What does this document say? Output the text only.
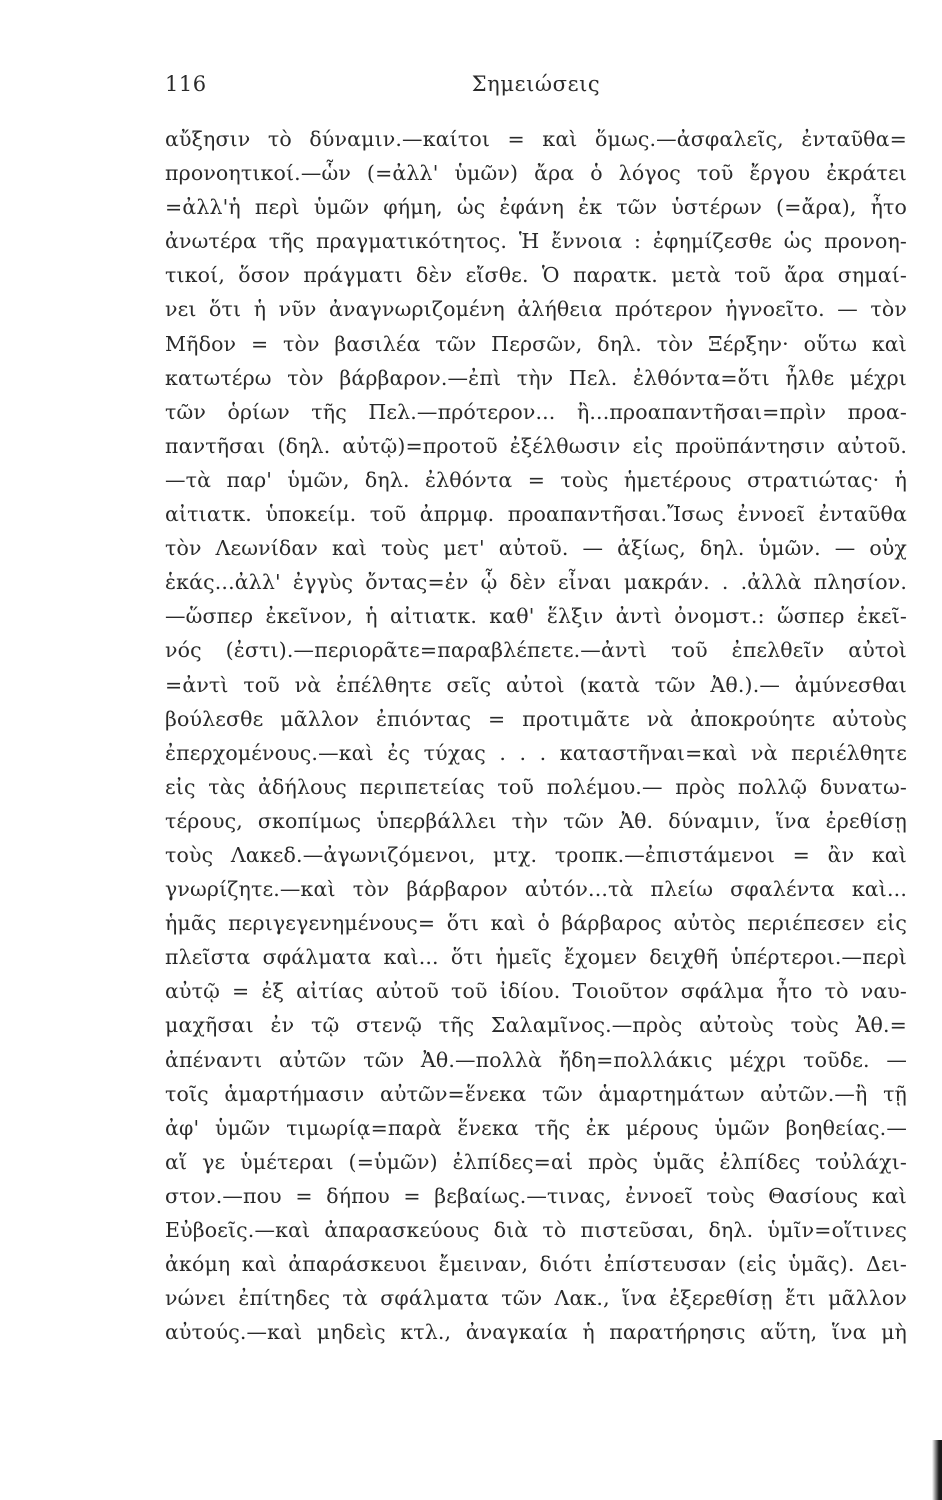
116	Σημειώσεις
αὔξησιν τὸ δύναμιν.—καίτοι = καὶ ὅμως.—ἀσφαλεῖς, ἐνταῦθα=
προνοητικοί.—ὧν (=ἀλλ' ὑμῶν) ἄρα ὁ λόγος τοῦ ἔργου ἐκράτει
=ἀλλ'ἡ περὶ ὑμῶν φήμη, ὡς ἐφάνη ἐκ τῶν ὑστέρων (=ἄρα), ἦτο
ἀνωτέρα τῆς πραγματικότητος. Ἡ ἔννοια : ἐφημίζεσθε ὡς προνοη-
τικοί, ὅσον πράγματι δὲν εἴσθε. Ὁ παρατκ. μετὰ τοῦ ἄρα σημαί-
νει ὅτι ἡ νῦν ἀναγνωριζομένη ἀλήθεια πρότερον ἠγνοεῖτο. — τὸν
Μῆδον = τὸν βασιλέα τῶν Περσῶν, δηλ. τὸν Ξέρξην· οὕτω καὶ
κατωτέρω τὸν βάρβαρον.—ἐπὶ τὴν Πελ. ἐλθόντα=ὅτι ἦλθε μέχρι
τῶν ὁρίων τῆς Πελ.—πρότερον... ἢ...προαπαντῆσαι=πρὶν προα-
παντῆσαι (δηλ. αὐτῷ)=προτοῦ ἐξέλθωσιν εἰς προϋπάντησιν αὐτοῦ.
—τὰ παρ' ὑμῶν, δηλ. ἐλθόντα = τοὺς ἡμετέρους στρατιώτας· ἡ
αἰτιατκ. ὑποκείμ. τοῦ ἀπρμφ. προαπαντῆσαι.Ἴσως ἐννοεῖ ἐνταῦθα
τὸν Λεωνίδαν καὶ τοὺς μετ' αὐτοῦ. — ἀξίως, δηλ. ὑμῶν. — οὐχ
ἑκάς...ἀλλ' ἐγγὺς ὄντας=ἐν ᾧ δὲν εἶναι μακράν. . .ἀλλὰ πλησίον.
—ὥσπερ ἐκεῖνον, ἡ αἰτιατκ. καθ' ἕλξιν ἀντὶ ὀνομστ.: ὥσπερ ἐκεῖ-
νός (ἐστι).—περιορᾶτε=παραβλέπετε.—ἀντὶ τοῦ ἐπελθεῖν αὐτοὶ
=ἀντὶ τοῦ νὰ ἐπέλθητε σεῖς αὐτοὶ (κατὰ τῶν Ἀθ.).— ἀμύνεσθαι
βούλεσθε μᾶλλον ἐπιόντας = προτιμᾶτε νὰ ἀποκρούητε αὐτοὺς
ἐπερχομένους.—καὶ ἐς τύχας . . . καταστῆναι=καὶ νὰ περιέλθητε
εἰς τὰς ἀδήλους περιπετείας τοῦ πολέμου.— πρὸς πολλῷ δυνατω-
τέρους, σκοπίμως ὑπερβάλλει τὴν τῶν Ἀθ. δύναμιν, ἵνα ἐρεθίσῃ
τοὺς Λακεδ.—ἀγωνιζόμενοι, μτχ. τροπκ.—ἐπιστάμενοι = ἂν καὶ
γνωρίζητε.—καὶ τὸν βάρβαρον αὐτόν...τὰ πλείω σφαλέντα καὶ...
ἡμᾶς περιγεγενημένους= ὅτι καὶ ὁ βάρβαρος αὐτὸς περιέπεσεν εἰς
πλεῖστα σφάλματα καὶ... ὅτι ἡμεῖς ἔχομεν δειχθῆ ὑπέρτεροι.—περὶ
αὐτῷ = ἐξ αἰτίας αὐτοῦ τοῦ ἰδίου. Τοιοῦτον σφάλμα ἦτο τὸ ναυ-
μαχῆσαι ἐν τῷ στενῷ τῆς Σαλαμῖνος.—πρὸς αὐτοὺς τοὺς Ἀθ.=
ἀπέναντι αὐτῶν τῶν Ἀθ.—πολλὰ ἤδη=πολλάκις μέχρι τοῦδε. —
τοῖς ἁμαρτήμασιν αὐτῶν=ἕνεκα τῶν ἁμαρτημάτων αὐτῶν.—ἢ τῇ
ἀφ' ὑμῶν τιμωρίᾳ=παρὰ ἕνεκα τῆς ἐκ μέρους ὑμῶν βοηθείας.—
αἵ γε ὑμέτεραι (=ὑμῶν) ἐλπίδες=αἱ πρὸς ὑμᾶς ἐλπίδες τοὐλάχι-
στον.—που = δήπου = βεβαίως.—τινας, ἐννοεῖ τοὺς Θασίους καὶ
Εὐβοεῖς.—καὶ ἀπαρασκεύους διὰ τὸ πιστεῦσαι, δηλ. ὑμῖν=οἵτινες
ἀκόμη καὶ ἀπαράσκευοι ἔμειναν, διότι ἐπίστευσαν (εἰς ὑμᾶς). Δει-
νώνει ἐπίτηδες τὰ σφάλματα τῶν Λακ., ἵνα ἐξερεθίσῃ ἔτι μᾶλλον
αὐτούς.—καὶ μηδεὶς κτλ., ἀναγκαία ἡ παρατήρησις αὕτη, ἵνα μὴ
